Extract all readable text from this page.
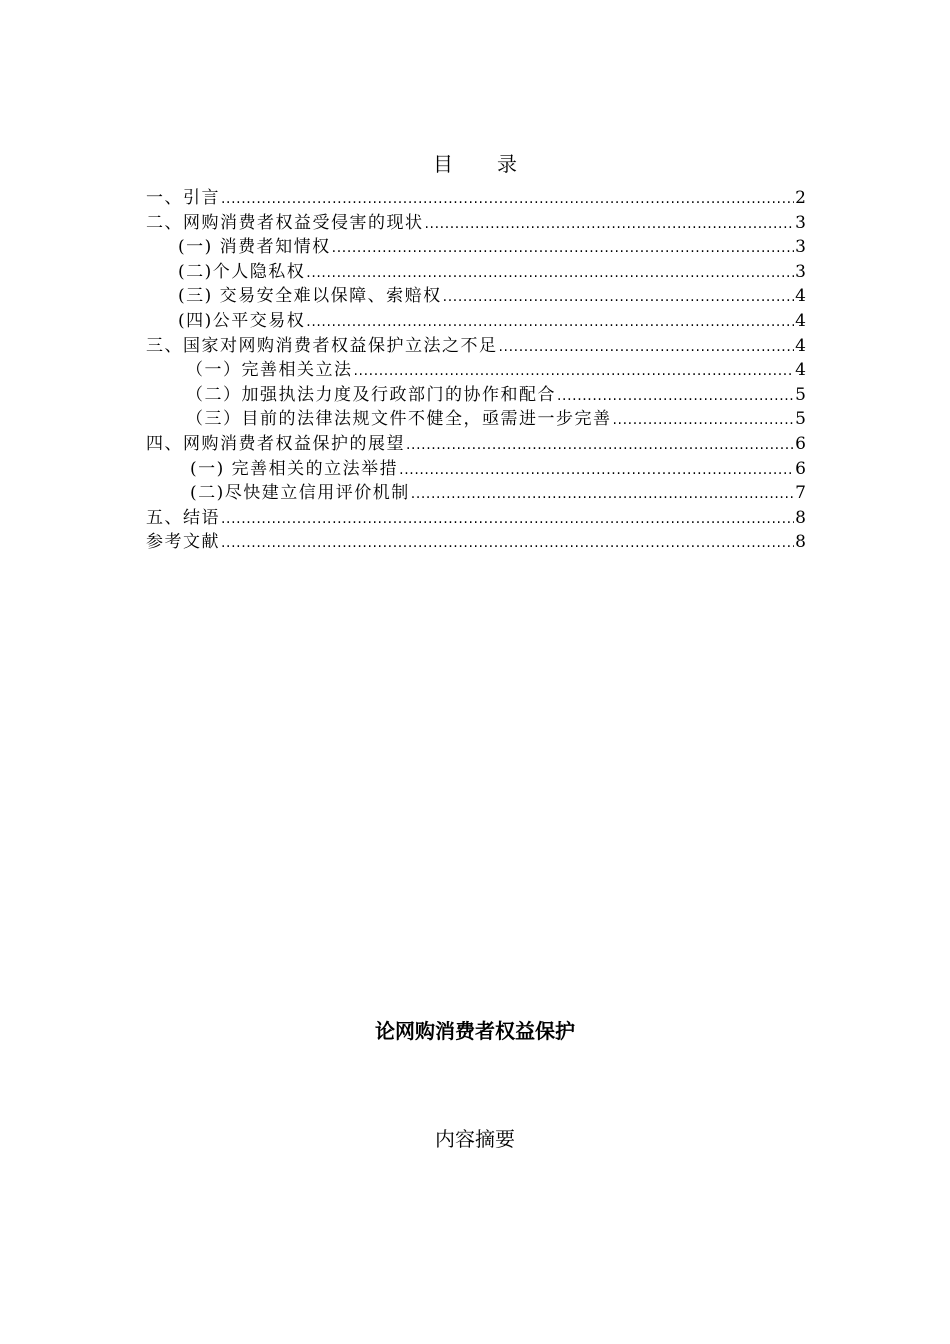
目 录
一、引言 .....	2
二、网购消费者权益受侵害的现状 .....	3
(一) 消费者知情权 .....	3
(二)个人隐私权 .....	3
(三) 交易安全难以保障、索赔权 .....	4
(四)公平交易权 .....	4
三、国家对网购消费者权益保护立法之不足 .....	4
（一）完善相关立法 .....	4
（二）加强执法力度及行政部门的协作和配合 .....	5
（三）目前的法律法规文件不健全，亟需进一步完善 .....	5
四、网购消费者权益保护的展望 .....	6
(一) 完善相关的立法举措 .....	6
(二)尽快建立信用评价机制 .....	7
五、结语 .....	8
参考文献 .....	8
论网购消费者权益保护
内容摘要
